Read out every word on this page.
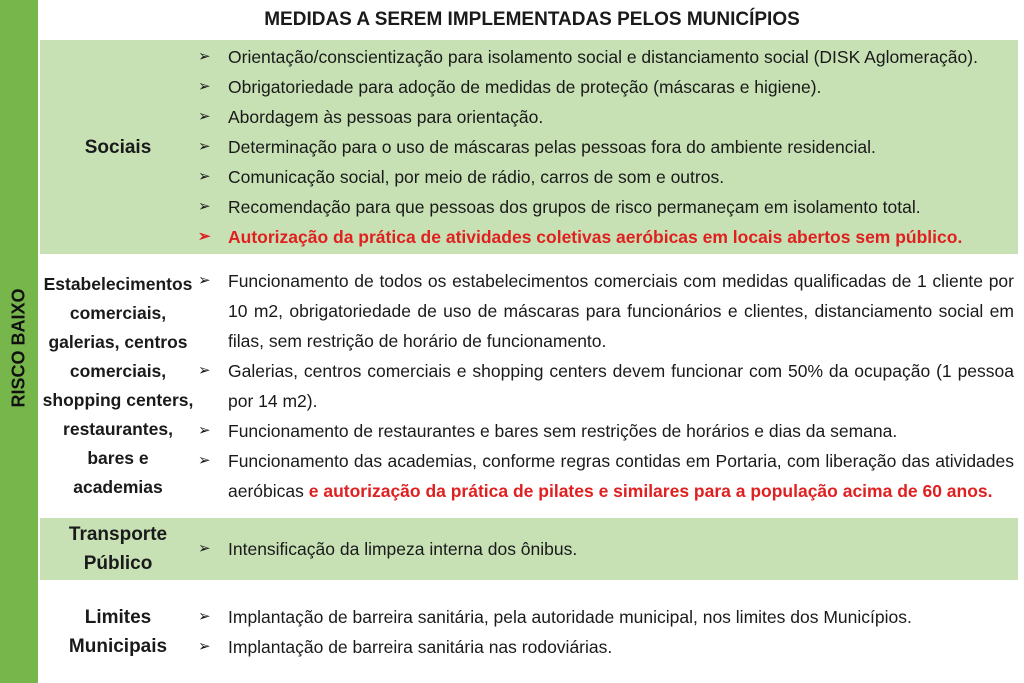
RISCO BAIXO
MEDIDAS A SEREM IMPLEMENTADAS PELOS MUNICÍPIOS
Sociais
➢ Orientação/conscientização para isolamento social e distanciamento social (DISK Aglomeração).
➢ Obrigatoriedade para adoção de medidas de proteção (máscaras e higiene).
➢ Abordagem às pessoas para orientação.
➢ Determinação para o uso de máscaras pelas pessoas fora do ambiente residencial.
➢ Comunicação social, por meio de rádio, carros de som e outros.
➢ Recomendação para que pessoas dos grupos de risco permaneçam em isolamento total.
➢ Autorização da prática de atividades coletivas aeróbicas em locais abertos sem público.
Estabelecimentos comerciais, galerias, centros comerciais, shopping centers, restaurantes, bares e academias
➢ Funcionamento de todos os estabelecimentos comerciais com medidas qualificadas de 1 cliente por 10 m2, obrigatoriedade de uso de máscaras para funcionários e clientes, distanciamento social em filas, sem restrição de horário de funcionamento.
➢ Galerias, centros comerciais e shopping centers devem funcionar com 50% da ocupação (1 pessoa por 14 m2).
➢ Funcionamento de restaurantes e bares sem restrições de horários e dias da semana.
➢ Funcionamento das academias, conforme regras contidas em Portaria, com liberação das atividades aeróbicas e autorização da prática de pilates e similares para a população acima de 60 anos.
Transporte Público
➢ Intensificação da limpeza interna dos ônibus.
Limites Municipais
➢ Implantação de barreira sanitária, pela autoridade municipal, nos limites dos Municípios.
➢ Implantação de barreira sanitária nas rodoviárias.
